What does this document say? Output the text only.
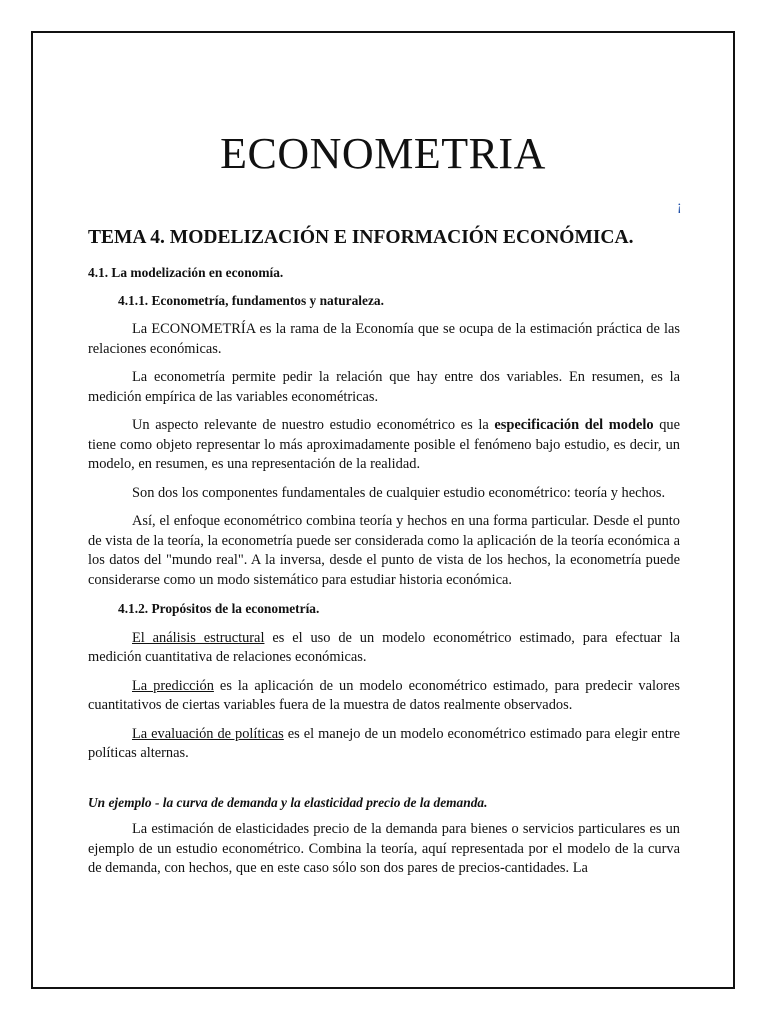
ECONOMETRIA
¡
TEMA 4. MODELIZACIÓN E INFORMACIÓN ECONÓMICA.
4.1. La modelización en economía.
4.1.1. Econometría, fundamentos y naturaleza.

La ECONOMETRÍA es la rama de la Economía que se ocupa de la estimación práctica de las relaciones económicas.

La econometría permite pedir la relación que hay entre dos variables. En resumen, es la medición empírica de las variables econométricas.

Un aspecto relevante de nuestro estudio econométrico es la especificación del modelo que tiene como objeto representar lo más aproximadamente posible el fenómeno bajo estudio, es decir, un modelo, en resumen, es una representación de la realidad.

Son dos los componentes fundamentales de cualquier estudio econométrico: teoría y hechos.

Así, el enfoque econométrico combina teoría y hechos en una forma particular. Desde el punto de vista de la teoría, la econometría puede ser considerada como la aplicación de la teoría económica a los datos del "mundo real". A la inversa, desde el punto de vista de los hechos, la econometría puede considerarse como un modo sistemático para estudiar historia económica.

4.1.2. Propósitos de la econometría.

El análisis estructural es el uso de un modelo econométrico estimado, para efectuar la medición cuantitativa de relaciones económicas.

La predicción es la aplicación de un modelo econométrico estimado, para predecir valores cuantitativos de ciertas variables fuera de la muestra de datos realmente observados.

La evaluación de políticas es el manejo de un modelo econométrico estimado para elegir entre políticas alternas.

Un ejemplo - la curva de demanda y la elasticidad precio de la demanda.

La estimación de elasticidades precio de la demanda para bienes o servicios particulares es un ejemplo de un estudio econométrico. Combina la teoría, aquí representada por el modelo de la curva de demanda, con hechos, que en este caso sólo son dos pares de precios-cantidades. La
